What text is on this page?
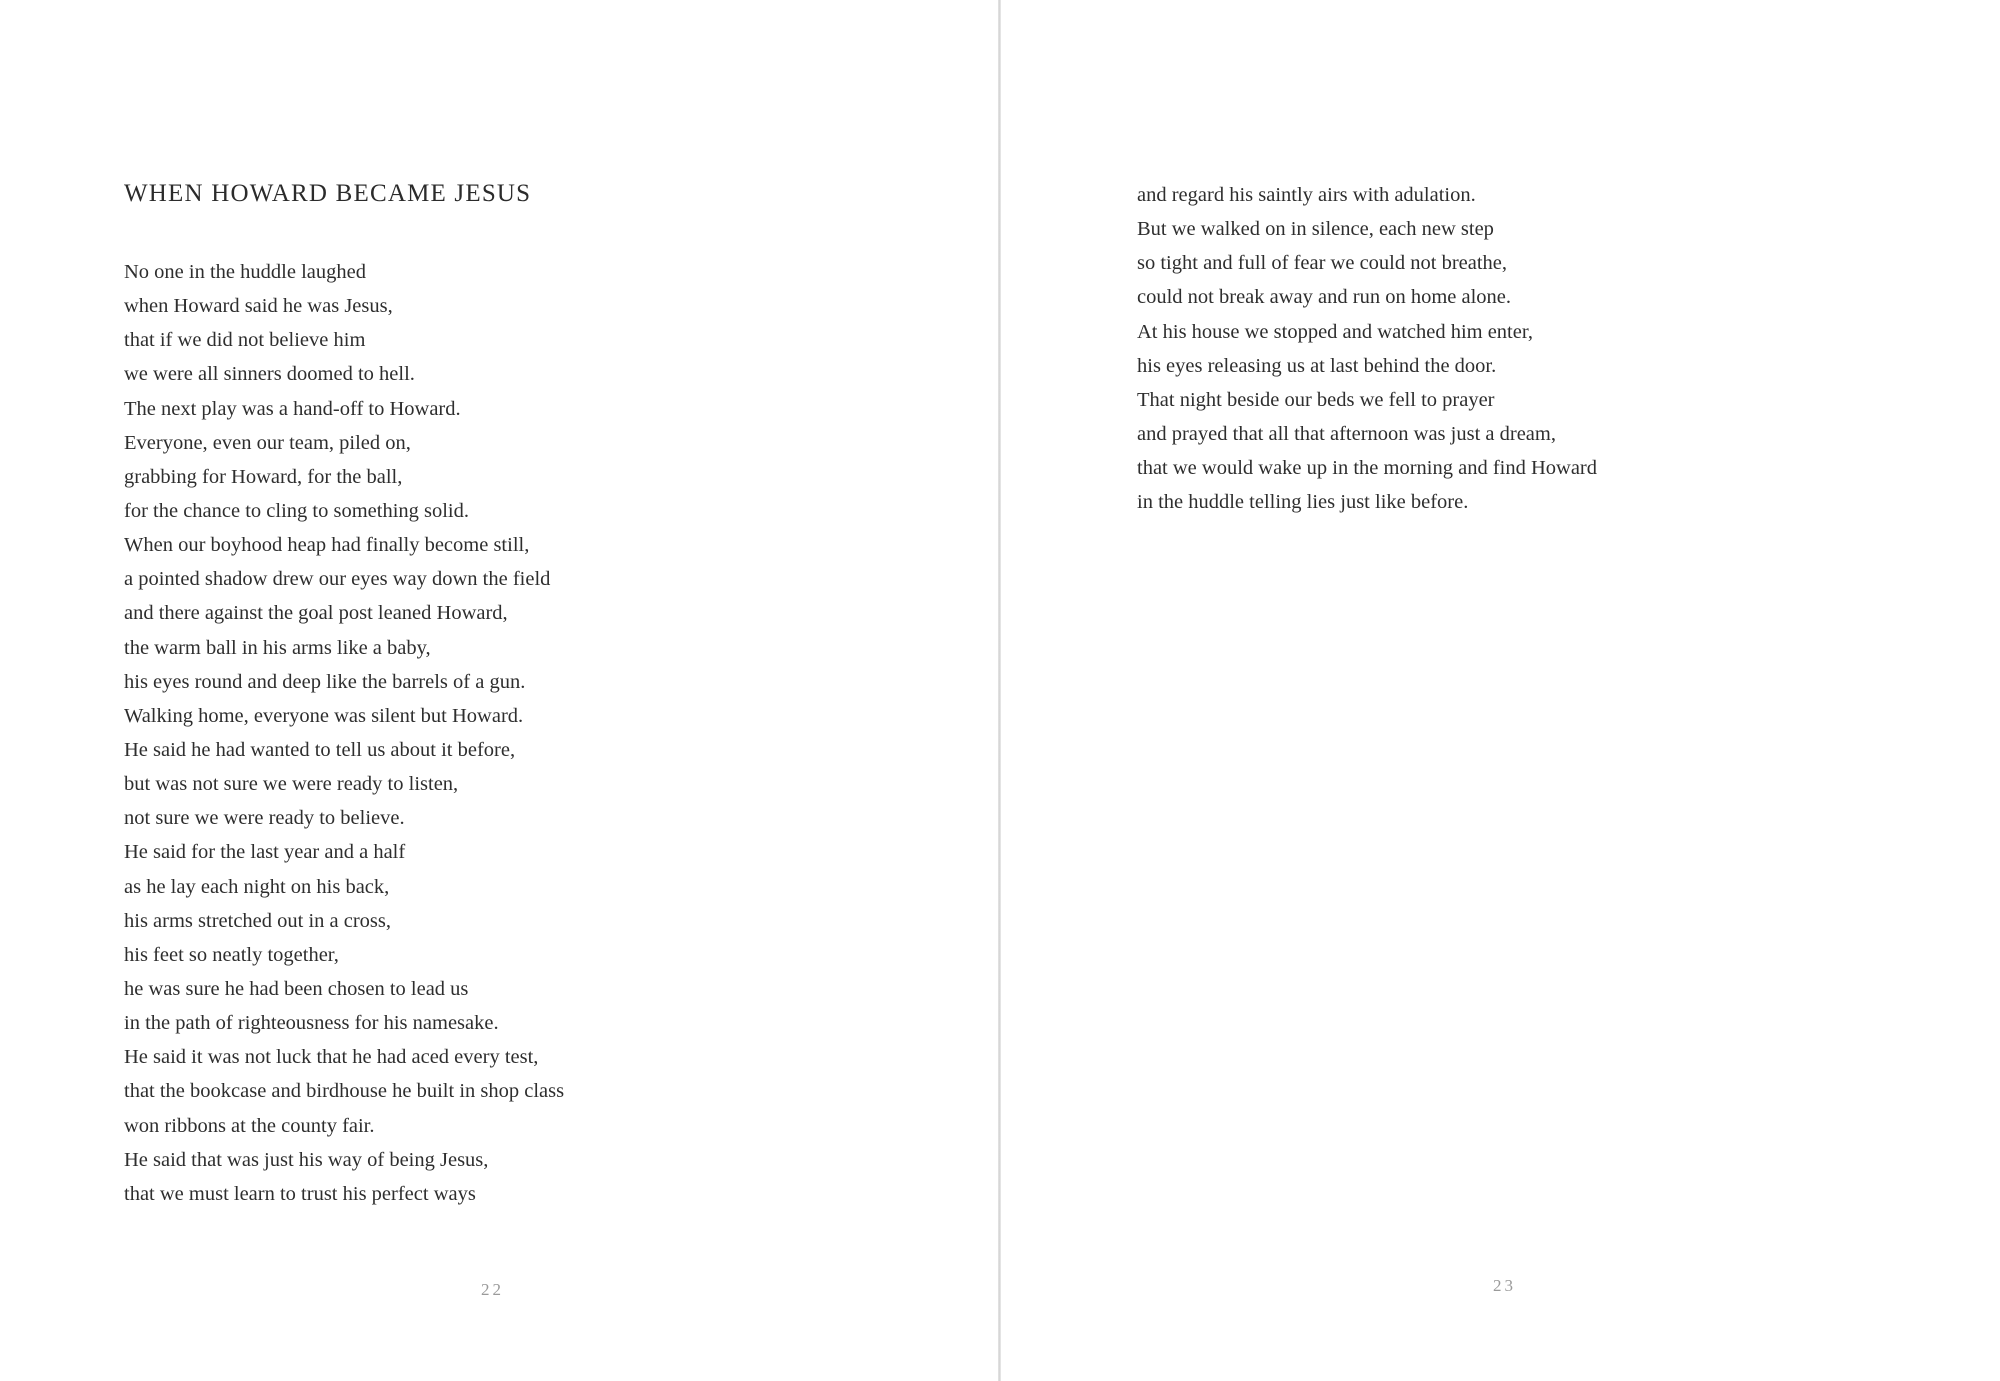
WHEN HOWARD BECAME JESUS
No one in the huddle laughed
when Howard said he was Jesus,
that if we did not believe him
we were all sinners doomed to hell.
The next play was a hand-off to Howard.
Everyone, even our team, piled on,
grabbing for Howard, for the ball,
for the chance to cling to something solid.
When our boyhood heap had finally become still,
a pointed shadow drew our eyes way down the field
and there against the goal post leaned Howard,
the warm ball in his arms like a baby,
his eyes round and deep like the barrels of a gun.
Walking home, everyone was silent but Howard.
He said he had wanted to tell us about it before,
but was not sure we were ready to listen,
not sure we were ready to believe.
He said for the last year and a half
as he lay each night on his back,
his arms stretched out in a cross,
his feet so neatly together,
he was sure he had been chosen to lead us
in the path of righteousness for his namesake.
He said it was not luck that he had aced every test,
that the bookcase and birdhouse he built in shop class
won ribbons at the county fair.
He said that was just his way of being Jesus,
that we must learn to trust his perfect ways
22
and regard his saintly airs with adulation.
But we walked on in silence, each new step
so tight and full of fear we could not breathe,
could not break away and run on home alone.
At his house we stopped and watched him enter,
his eyes releasing us at last behind the door.
That night beside our beds we fell to prayer
and prayed that all that afternoon was just a dream,
that we would wake up in the morning and find Howard
in the huddle telling lies just like before.
23
